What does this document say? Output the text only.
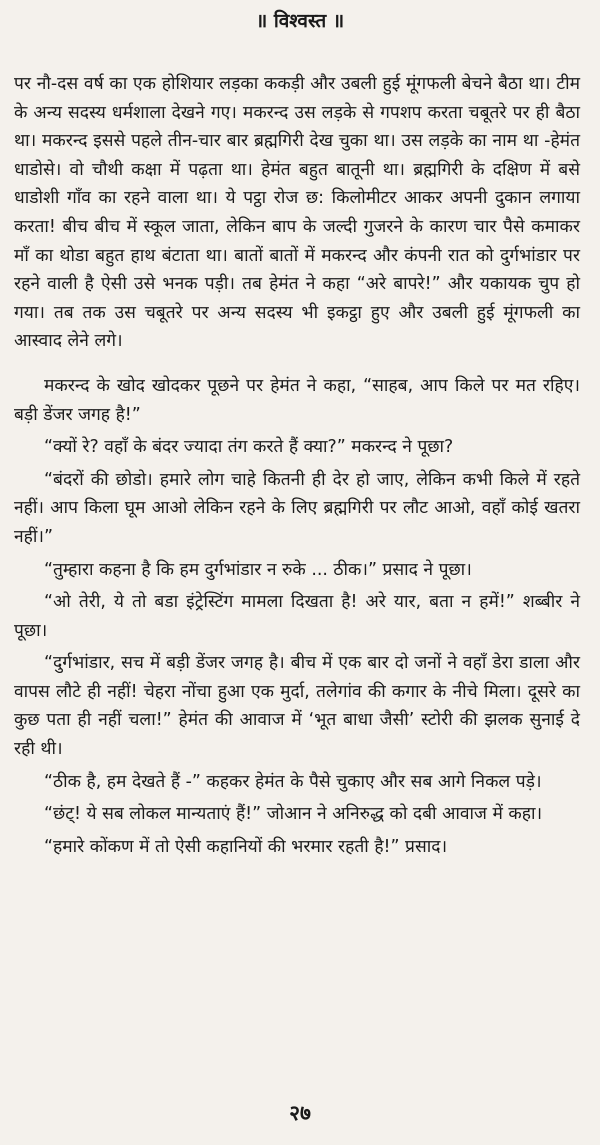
॥ विश्वस्त ॥

पर नौ-दस वर्ष का एक होशियार लड़का ककड़ी और उबली हुई मूंगफली बेचने बैठा था। टीम के अन्य सदस्य धर्मशाला देखने गए। मकरन्द उस लड़के से गपशप करता चबूतरे पर ही बैठा था। मकरन्द इससे पहले तीन-चार बार ब्रह्मगिरी देख चुका था। उस लड़के का नाम था -हेमंत धाडोसे। वो चौथी कक्षा में पढ़ता था। हेमंत बहुत बातूनी था। ब्रह्मगिरी के दक्षिण में बसे धाडोशी गाँव का रहने वाला था। ये पट्ठा रोज छ: किलोमीटर आकर अपनी दुकान लगाया करता! बीच बीच में स्कूल जाता, लेकिन बाप के जल्दी गुजरने के कारण चार पैसे कमाकर माँ का थोडा बहुत हाथ बंटाता था। बातों बातों में मकरन्द और कंपनी रात को दुर्गभांडार पर रहने वाली है ऐसी उसे भनक पड़ी। तब हेमंत ने कहा “अरे बापरे!” और यकायक चुप हो गया। तब तक उस चबूतरे पर अन्य सदस्य भी इकट्ठा हुए और उबली हुई मूंगफली का आस्वाद लेने लगे।

मकरन्द के खोद खोदकर पूछने पर हेमंत ने कहा, “साहब, आप किले पर मत रहिए। बड़ी डेंजर जगह है!”

“क्यों रे? वहाँ के बंदर ज्यादा तंग करते हैं क्या?” मकरन्द ने पूछा?

“बंदरों की छोडो। हमारे लोग चाहे कितनी ही देर हो जाए, लेकिन कभी किले में रहते नहीं। आप किला घूम आओ लेकिन रहने के लिए ब्रह्मगिरी पर लौट आओ, वहाँ कोई खतरा नहीं।”

“तुम्हारा कहना है कि हम दुर्गभांडार न रुके ... ठीक।” प्रसाद ने पूछा।

“ओ तेरी, ये तो बडा इंट्रेस्टिंग मामला दिखता है! अरे यार, बता न हमें!” शब्बीर ने पूछा।

“दुर्गभांडार, सच में बड़ी डेंजर जगह है। बीच में एक बार दो जनों ने वहाँ डेरा डाला और वापस लौटे ही नहीं! चेहरा नोंचा हुआ एक मुर्दा, तलेगांव की कगार के नीचे मिला। दूसरे का कुछ पता ही नहीं चला!” हेमंत की आवाज में ‘भूत बाधा जैसी’ स्टोरी की झलक सुनाई दे रही थी।

“ठीक है, हम देखते हैं -” कहकर हेमंत के पैसे चुकाए और सब आगे निकल पड़े।

“छंट्! ये सब लोकल मान्यताएं हैं!” जोआन ने अनिरुद्ध को दबी आवाज में कहा।

“हमारे कोंकण में तो ऐसी कहानियों की भरमार रहती है!” प्रसाद।

२७
